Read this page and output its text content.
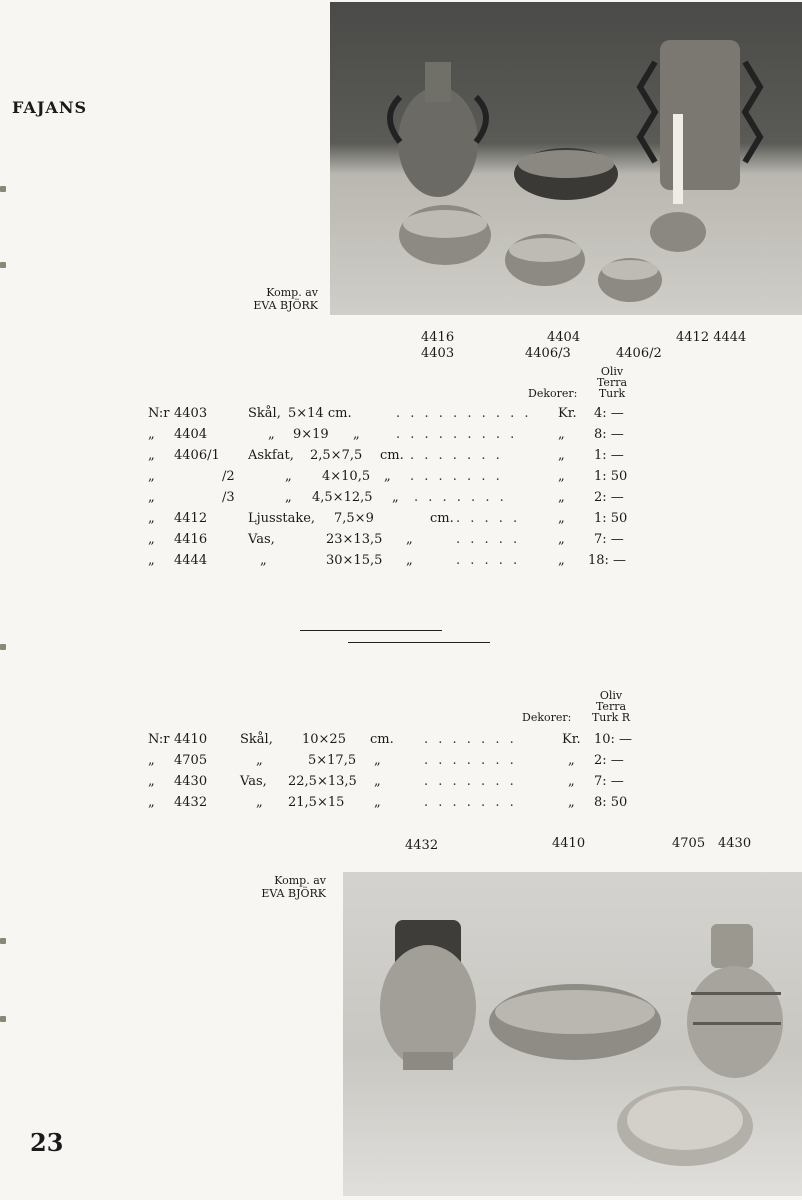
FAJANS
Komp. av
EVA BJÖRK
4416
4403
4404
4406/3	4406/2
4412 4444
Oliv
Terra
Turk
Dekorer:
N:r 4403	Skål, 5×14 cm.	. . . . . . . . . . Kr. 4: —
„ 4404	„ 9×19 „	. . . . . . . . .	„ 8: —
„ 4406/1 Askfat, 2,5×7,5 cm. . . . . . . .	„ 1: —
„	/2	„ 4×10,5 „ . . . . . . .	„ 1: 50
„	/3	„ 4,5×12,5 „ . . . . . . .	„ 2: —
„ 4412	Ljusstake, 7,5×9	cm. . . . . .	„ 1: 50
„ 4416	Vas,	23×13,5 „	. . . . .	„ 7: —
„ 4444	„	30×15,5 „	. . . . .	„ 18: —
Oliv
Terra
Turk R
Dekorer:
N:r 4410	Skål, 10×25 cm. . . . . . . .	Kr. 10: —
„ 4705	„	5×17,5 „	. . . . . . .	„ 2: —
„ 4430	Vas, 22,5×13,5 „	. . . . . . .	„ 7: —
„ 4432	„ 21,5×15 „	. . . . . . .	„ 8: 50
4432	4410	4705 4430
Komp. av
EVA BJÖRK
23
